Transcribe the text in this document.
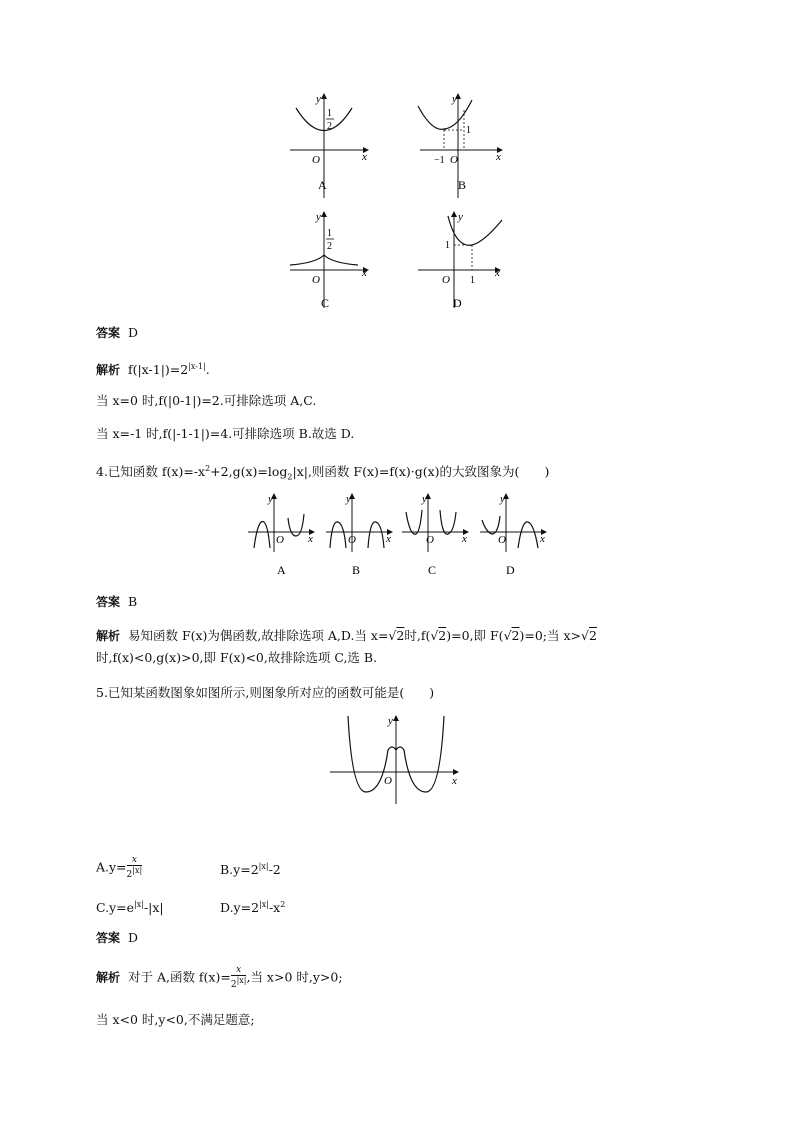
y
1
2
O	x
A
y
1
−1 O	x
B
y
1
2
O
x
C
y
1
O 1
x
D
答案 D
解析 $f(|x-1|)=2^{|x-1|}$.
当 x=0 时,f(|0-1|)=2.可排除选项 A,C.
当 x=-1 时,f(|-1-1|)=4.可排除选项 B.故选 D.
4.已知函数 $f(x)=-x^2+2,g(x)=\log_2|x|$,则函数 F(x)=f(x)·g(x)的大致图象为(　　)
y
O x
A
y
O	x
B
y
O	x
C
y
O	x
D
答案 B
解析 易知函数 F(x)为偶函数,故排除选项 A,D.当 x=√2时,f(√2)=0,即 F(√2)=0;当 x>√2
时,f(x)<0,g(x)>0,即 F(x)<0,故排除选项 C,选 B.
5.已知某函数图象如图所示,则图象所对应的函数可能是(　　)
y
O	x
$A.y= \frac{x}{2^{|x|}}$	$B.y=2^{|x|}-2$
$C.y=e^{|x|}-|x|$	$D.y=2^{|x|}-x^2$
答案 D
解析 对于 A,函数 $f(x)= \frac{x}{2^{|x|}}$ ,当 x>0 时,y>0;
当 x<0 时,y<0,不满足题意;
